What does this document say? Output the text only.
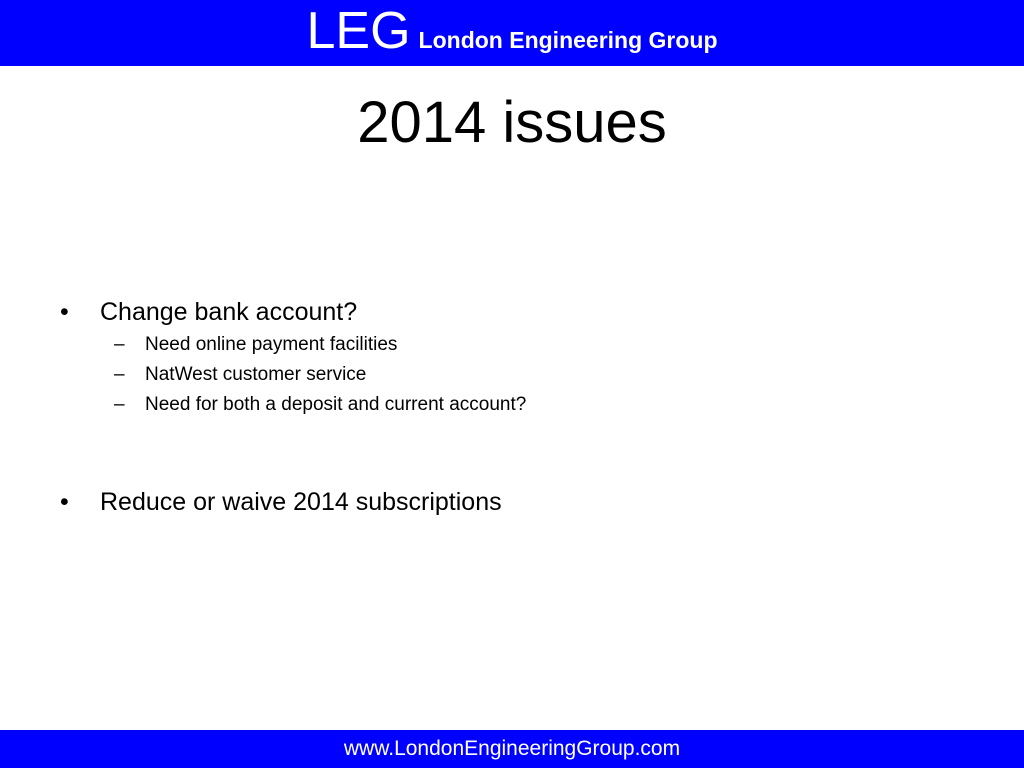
LEG London Engineering Group
2014 issues
• Change bank account?
– Need online payment facilities
– NatWest customer service
– Need for both a deposit and current account?
• Reduce or waive 2014 subscriptions
www.LondonEngineeringGroup.com
